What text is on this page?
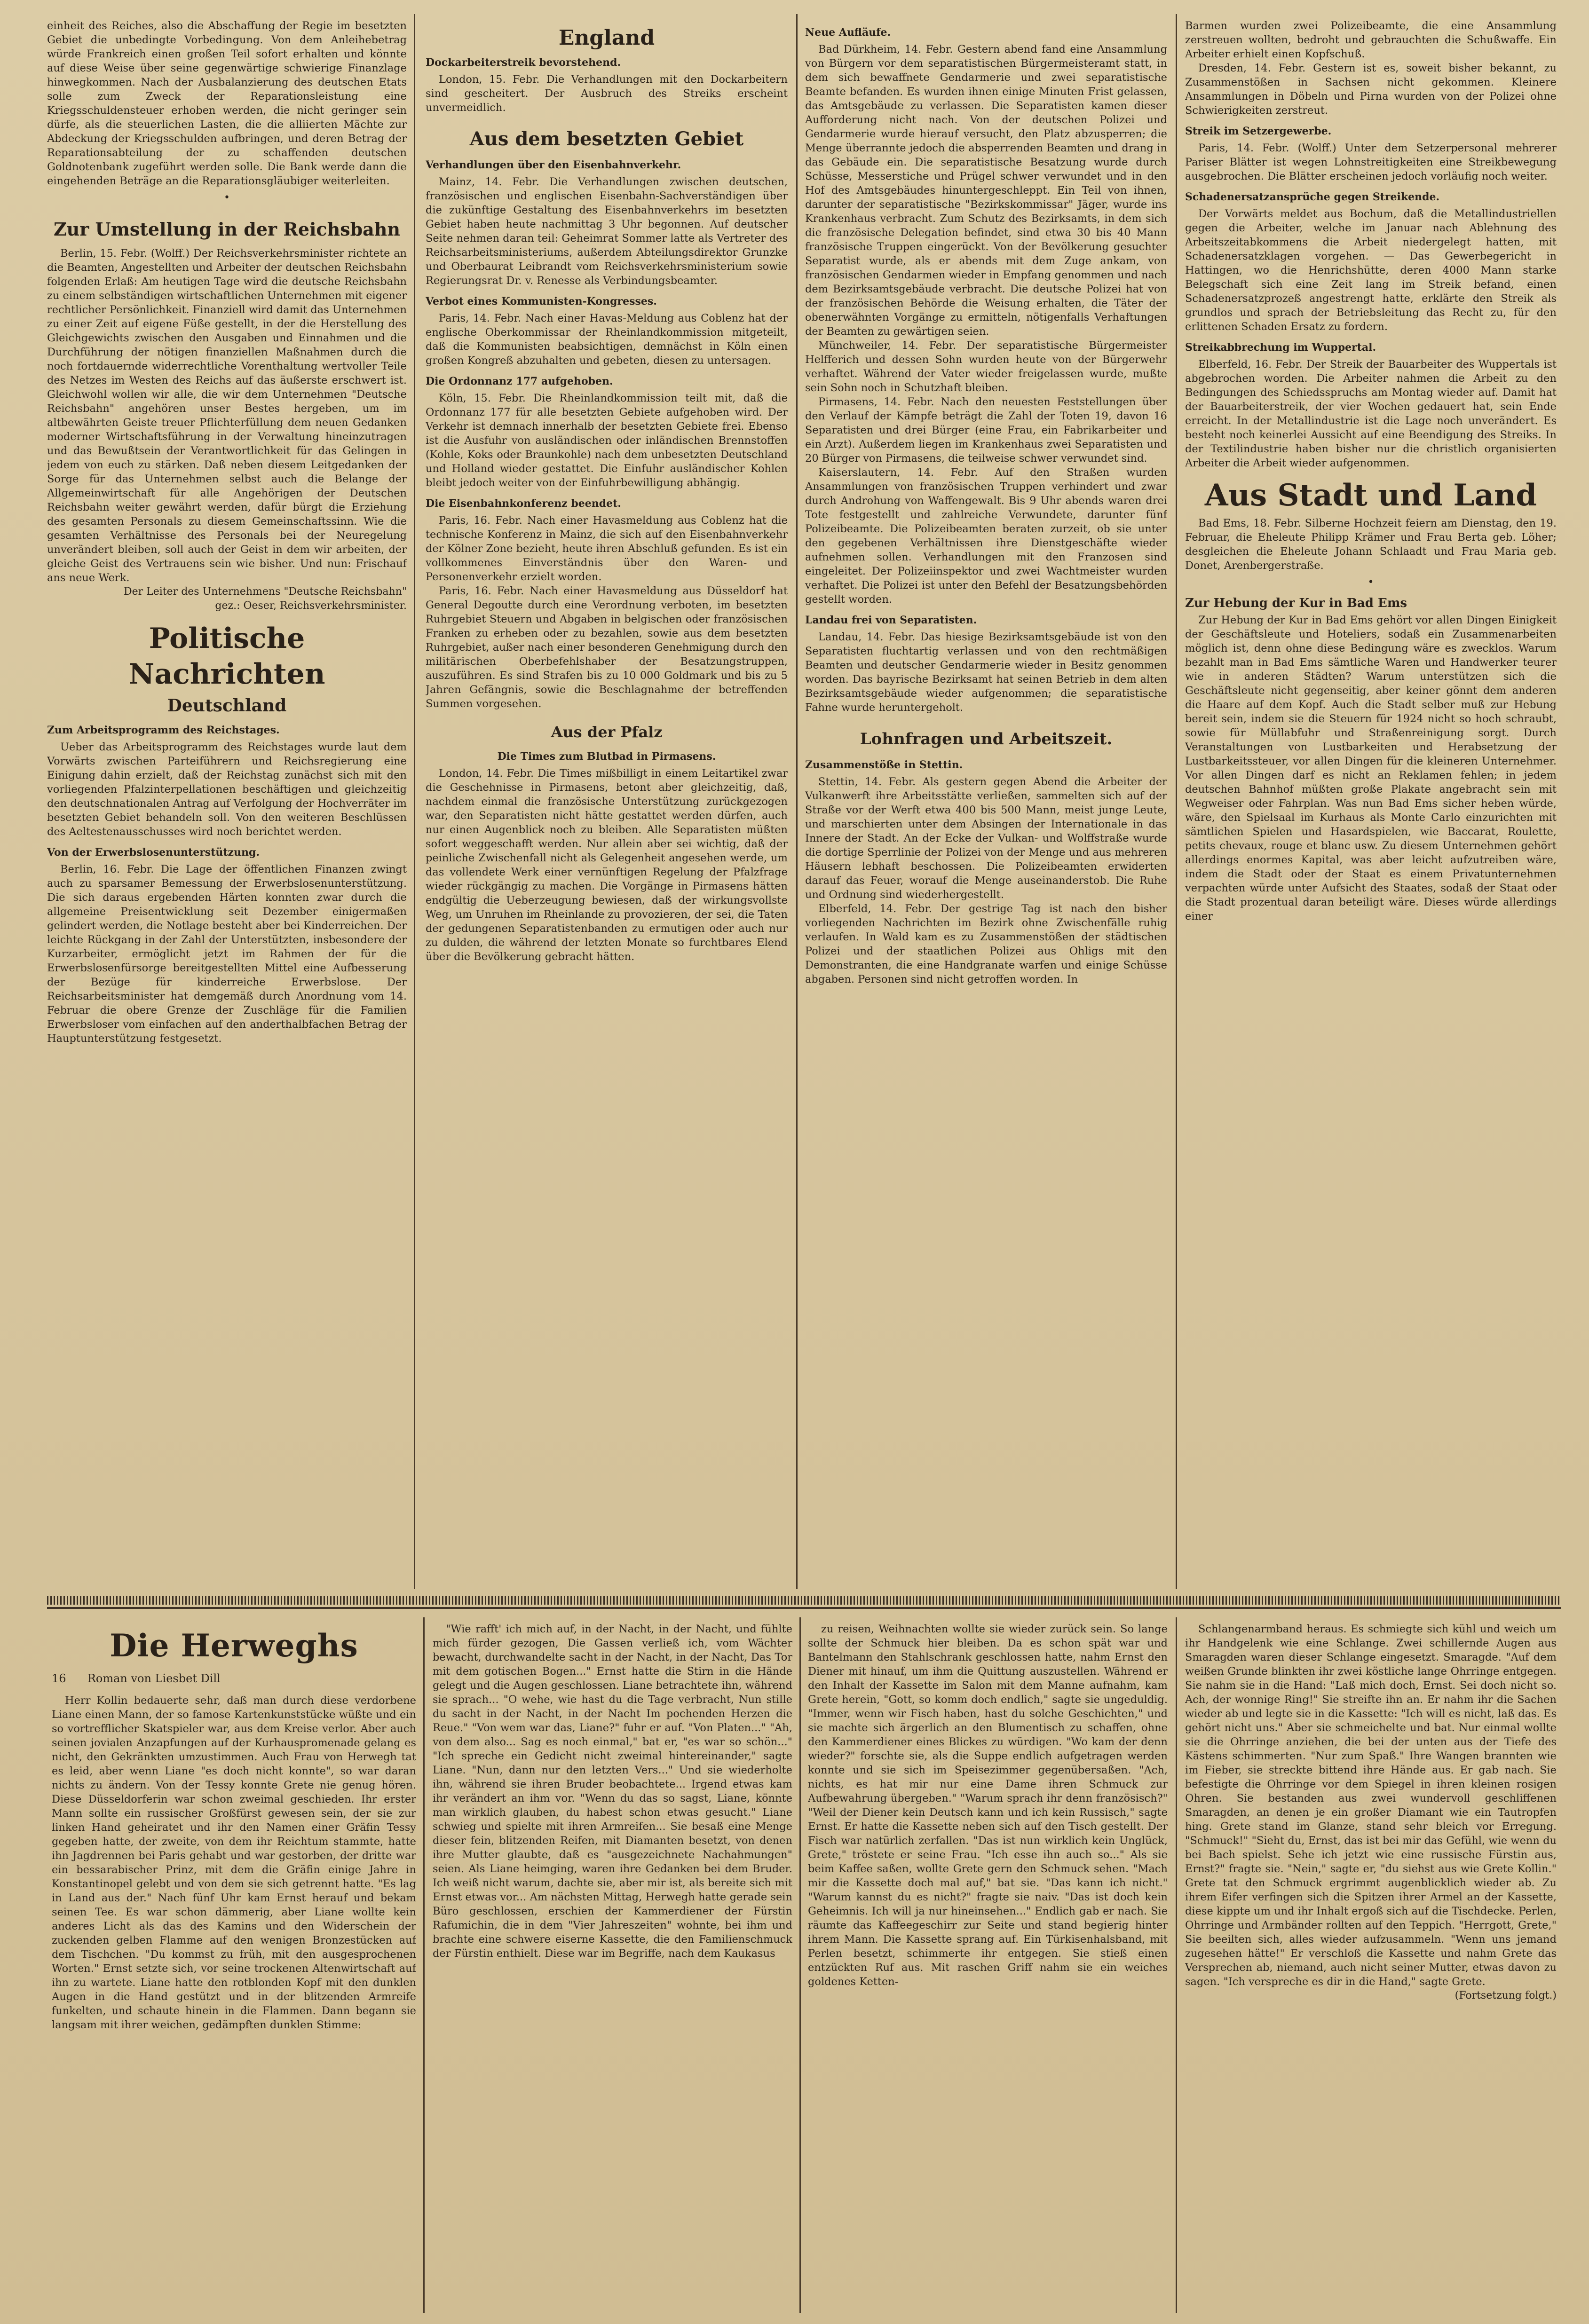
einheit des Reiches, also die Abschaffung der Regie im besetzten Gebiet die unbedingte Vorbedingung. Von dem Anleihebetrag würde Frankreich einen großen Teil sofort erhalten und könnte auf diese Weise über seine gegenwärtige schwierige Finanzlage hinwegkommen. Nach der Ausbalanzierung des deutschen Etats solle zum Zweck der Reparationsleistung eine Kriegsschuldensteuer erhoben werden, die nicht geringer sein dürfe, als die steuerlichen Lasten, die die alliierten Mächte zur Abdeckung der Kriegsschulden aufbringen, und deren Betrag der Reparationsabteilung der zu schaffenden deutschen Goldnotenbank zugeführt werden solle. Die Bank werde dann die eingehenden Beträge an die Reparationsgläubiger weiterleiten.

•
Zur Umstellung in der Reichsbahn

Berlin, 15. Febr. (Wolff.) Der Reichsverkehrsminister richtete an die Beamten, Angestellten und Arbeiter der deutschen Reichsbahn folgenden Erlaß: Am heutigen Tage wird die deutsche Reichsbahn zu einem selbständigen wirtschaftlichen Unternehmen mit eigener rechtlicher Persönlichkeit. Finanziell wird damit das Unternehmen zu einer Zeit auf eigene Füße gestellt, in der die Herstellung des Gleichgewichts zwischen den Ausgaben und Einnahmen und die Durchführung der nötigen finanziellen Maßnahmen durch die noch fortdauernde widerrechtliche Vorenthaltung wertvoller Teile des Netzes im Westen des Reichs auf das äußerste erschwert ist. Gleichwohl wollen wir alle, die wir dem Unternehmen "Deutsche Reichsbahn" angehören unser Bestes hergeben, um im altbewährten Geiste treuer Pflichterfüllung dem neuen Gedanken moderner Wirtschaftsführung in der Verwaltung hineinzutragen und das Bewußtsein der Verantwortlichkeit für das Gelingen in jedem von euch zu stärken. Daß neben diesem Leitgedanken der Sorge für das Unternehmen selbst auch die Belange der Allgemeinwirtschaft für alle Angehörigen der Deutschen Reichsbahn weiter gewährt werden, dafür bürgt die Erziehung des gesamten Personals zu diesem Gemeinschaftssinn. Wie die gesamten Verhältnisse des Personals bei der Neuregelung unverändert bleiben, soll auch der Geist in dem wir arbeiten, der gleiche Geist des Vertrauens sein wie bisher. Und nun: Frischauf ans neue Werk.

Der Leiter des Unternehmens "Deutsche Reichsbahn"
gez.: Oeser, Reichsverkehrsminister.
Politische Nachrichten
Deutschland
Zum Arbeitsprogramm des Reichstages.

Ueber das Arbeitsprogramm des Reichstages wurde laut dem Vorwärts zwischen Parteiführern und Reichsregierung eine Einigung dahin erzielt, daß der Reichstag zunächst sich mit den vorliegenden Pfalzinterpellationen beschäftigen und gleichzeitig den deutschnationalen Antrag auf Verfolgung der Hochverräter im besetzten Gebiet behandeln soll. Von den weiteren Beschlüssen des Aeltestenausschusses wird noch berichtet werden.

Von der Erwerbslosenunterstützung.

Berlin, 16. Febr. Die Lage der öffentlichen Finanzen zwingt auch zu sparsamer Bemessung der Erwerbslosenunterstützung. Die sich daraus ergebenden Härten konnten zwar durch die allgemeine Preisentwicklung seit Dezember einigermaßen gelindert werden, die Notlage besteht aber bei Kinderreichen. Der leichte Rückgang in der Zahl der Unterstützten, insbesondere der Kurzarbeiter, ermöglicht jetzt im Rahmen der für die Erwerbslosenfürsorge bereitgestellten Mittel eine Aufbesserung der Bezüge für kinderreiche Erwerbslose. Der Reichsarbeitsminister hat demgemäß durch Anordnung vom 14. Februar die obere Grenze der Zuschläge für die Familien Erwerbsloser vom einfachen auf den anderthalbfachen Betrag der Hauptunterstützung festgesetzt.

England
Dockarbeiterstreik bevorstehend.

London, 15. Febr. Die Verhandlungen mit den Dockarbeitern sind gescheitert. Der Ausbruch des Streiks erscheint unvermeidlich.

Aus dem besetzten Gebiet
Verhandlungen über den Eisenbahnverkehr.

Mainz, 14. Febr. Die Verhandlungen zwischen deutschen, französischen und englischen Eisenbahn-Sachverständigen über die zukünftige Gestaltung des Eisenbahnverkehrs im besetzten Gebiet haben heute nachmittag 3 Uhr begonnen. Auf deutscher Seite nehmen daran teil: Geheimrat Sommer latte als Vertreter des Reichsarbeitsministeriums, außerdem Abteilungsdirektor Grunzke und Oberbaurat Leibrandt vom Reichsverkehrsministerium sowie Regierungsrat Dr. v. Renesse als Verbindungsbeamter.

Verbot eines Kommunisten-Kongresses.

Paris, 14. Febr. Nach einer Havas-Meldung aus Coblenz hat der englische Oberkommissar der Rheinlandkommission mitgeteilt, daß die Kommunisten beabsichtigen, demnächst in Köln einen großen Kongreß abzuhalten und gebeten, diesen zu untersagen.

Die Ordonnanz 177 aufgehoben.

Köln, 15. Febr. Die Rheinlandkommission teilt mit, daß die Ordonnanz 177 für alle besetzten Gebiete aufgehoben wird. Der Verkehr ist demnach innerhalb der besetzten Gebiete frei. Ebenso ist die Ausfuhr von ausländischen oder inländischen Brennstoffen (Kohle, Koks oder Braunkohle) nach dem unbesetzten Deutschland und Holland wieder gestattet. Die Einfuhr ausländischer Kohlen bleibt jedoch weiter von der Einfuhrbewilligung abhängig.

Die Eisenbahnkonferenz beendet.

Paris, 16. Febr. Nach einer Havasmeldung aus Coblenz hat die technische Konferenz in Mainz, die sich auf den Eisenbahnverkehr der Kölner Zone bezieht, heute ihren Abschluß gefunden. Es ist ein vollkommenes Einverständnis über den Waren- und Personenverkehr erzielt worden.

Paris, 16. Febr. Nach einer Havasmeldung aus Düsseldorf hat General Degoutte durch eine Verordnung verboten, im besetzten Ruhrgebiet Steuern und Abgaben in belgischen oder französischen Franken zu erheben oder zu bezahlen, sowie aus dem besetzten Ruhrgebiet, außer nach einer besonderen Genehmigung durch den militärischen Oberbefehlshaber der Besatzungstruppen, auszuführen. Es sind Strafen bis zu 10 000 Goldmark und bis zu 5 Jahren Gefängnis, sowie die Beschlagnahme der betreffenden Summen vorgesehen.

Aus der Pfalz
Die Times zum Blutbad in Pirmasens.

London, 14. Febr. Die Times mißbilligt in einem Leitartikel zwar die Geschehnisse in Pirmasens, betont aber gleichzeitig, daß, nachdem einmal die französische Unterstützung zurückgezogen war, den Separatisten nicht hätte gestattet werden dürfen, auch nur einen Augenblick noch zu bleiben. Alle Separatisten müßten sofort weggeschafft werden. Nur allein aber sei wichtig, daß der peinliche Zwischenfall nicht als Gelegenheit angesehen werde, um das vollendete Werk einer vernünftigen Regelung der Pfalzfrage wieder rückgängig zu machen. Die Vorgänge in Pirmasens hätten endgültig die Ueberzeugung bewiesen, daß der wirkungsvollste Weg, um Unruhen im Rheinlande zu provozieren, der sei, die Taten der gedungenen Separatistenbanden zu ermutigen oder auch nur zu dulden, die während der letzten Monate so furchtbares Elend über die Bevölkerung gebracht hätten.

Neue Aufläufe.

Bad Dürkheim, 14. Febr. Gestern abend fand eine Ansammlung von Bürgern vor dem separatistischen Bürgermeisteramt statt, in dem sich bewaffnete Gendarmerie und zwei separatistische Beamte befanden. Es wurden ihnen einige Minuten Frist gelassen, das Amtsgebäude zu verlassen. Die Separatisten kamen dieser Aufforderung nicht nach. Von der deutschen Polizei und Gendarmerie wurde hierauf versucht, den Platz abzusperren; die Menge überrannte jedoch die absperrenden Beamten und drang in das Gebäude ein. Die separatistische Besatzung wurde durch Schüsse, Messerstiche und Prügel schwer verwundet und in den Hof des Amtsgebäudes hinuntergeschleppt. Ein Teil von ihnen, darunter der separatistische "Bezirkskommissar" Jäger, wurde ins Krankenhaus verbracht. Zum Schutz des Bezirksamts, in dem sich die französische Delegation befindet, sind etwa 30 bis 40 Mann französische Truppen eingerückt. Von der Bevölkerung gesuchter Separatist wurde, als er abends mit dem Zuge ankam, von französischen Gendarmen wieder in Empfang genommen und nach dem Bezirksamtsgebäude verbracht. Die deutsche Polizei hat von der französischen Behörde die Weisung erhalten, die Täter der obenerwähnten Vorgänge zu ermitteln, nötigenfalls Verhaftungen der Beamten zu gewärtigen seien.

Münchweiler, 14. Febr. Der separatistische Bürgermeister Helfferich und dessen Sohn wurden heute von der Bürgerwehr verhaftet. Während der Vater wieder freigelassen wurde, mußte sein Sohn noch in Schutzhaft bleiben.

Pirmasens, 14. Febr. Nach den neuesten Feststellungen über den Verlauf der Kämpfe beträgt die Zahl der Toten 19, davon 16 Separatisten und drei Bürger (eine Frau, ein Fabrikarbeiter und ein Arzt). Außerdem liegen im Krankenhaus zwei Separatisten und 20 Bürger von Pirmasens, die teilweise schwer verwundet sind.

Kaiserslautern, 14. Febr. Auf den Straßen wurden Ansammlungen von französischen Truppen verhindert und zwar durch Androhung von Waffengewalt. Bis 9 Uhr abends waren drei Tote festgestellt und zahlreiche Verwundete, darunter fünf Polizeibeamte. Die Polizeibeamten beraten zurzeit, ob sie unter den gegebenen Verhältnissen ihre Dienstgeschäfte wieder aufnehmen sollen. Verhandlungen mit den Franzosen sind eingeleitet. Der Polizeiinspektor und zwei Wachtmeister wurden verhaftet. Die Polizei ist unter den Befehl der Besatzungsbehörden gestellt worden.

Landau frei von Separatisten.

Landau, 14. Febr. Das hiesige Bezirksamtsgebäude ist von den Separatisten fluchtartig verlassen und von den rechtmäßigen Beamten und deutscher Gendarmerie wieder in Besitz genommen worden. Das bayrische Bezirksamt hat seinen Betrieb in dem alten Bezirksamtsgebäude wieder aufgenommen; die separatistische Fahne wurde heruntergeholt.

Lohnfragen und Arbeitszeit.
Zusammenstöße in Stettin.

Stettin, 14. Febr. Als gestern gegen Abend die Arbeiter der Vulkanwerft ihre Arbeitsstätte verließen, sammelten sich auf der Straße vor der Werft etwa 400 bis 500 Mann, meist junge Leute, und marschierten unter dem Absingen der Internationale in das Innere der Stadt. An der Ecke der Vulkan- und Wolffstraße wurde die dortige Sperrlinie der Polizei von der Menge und aus mehreren Häusern lebhaft beschossen. Die Polizeibeamten erwiderten darauf das Feuer, worauf die Menge auseinanderstob. Die Ruhe und Ordnung sind wiederhergestellt.

Elberfeld, 14. Febr. Der gestrige Tag ist nach den bisher vorliegenden Nachrichten im Bezirk ohne Zwischenfälle ruhig verlaufen. In Wald kam es zu Zusammenstößen der städtischen Polizei und der staatlichen Polizei aus Ohligs mit den Demonstranten, die eine Handgranate warfen und einige Schüsse abgaben. Personen sind nicht getroffen worden. In

Barmen wurden zwei Polizeibeamte, die eine Ansammlung zerstreuen wollten, bedroht und gebrauchten die Schußwaffe. Ein Arbeiter erhielt einen Kopfschuß.

Dresden, 14. Febr. Gestern ist es, soweit bisher bekannt, zu Zusammenstößen in Sachsen nicht gekommen. Kleinere Ansammlungen in Döbeln und Pirna wurden von der Polizei ohne Schwierigkeiten zerstreut.

Streik im Setzergewerbe.

Paris, 14. Febr. (Wolff.) Unter dem Setzerpersonal mehrerer Pariser Blätter ist wegen Lohnstreitigkeiten eine Streikbewegung ausgebrochen. Die Blätter erscheinen jedoch vorläufig noch weiter.

Schadenersatzansprüche gegen Streikende.

Der Vorwärts meldet aus Bochum, daß die Metallindustriellen gegen die Arbeiter, welche im Januar nach Ablehnung des Arbeitszeitabkommens die Arbeit niedergelegt hatten, mit Schadenersatzklagen vorgehen. — Das Gewerbegericht in Hattingen, wo die Henrichshütte, deren 4000 Mann starke Belegschaft sich eine Zeit lang im Streik befand, einen Schadenersatzprozeß angestrengt hatte, erklärte den Streik als grundlos und sprach der Betriebsleitung das Recht zu, für den erlittenen Schaden Ersatz zu fordern.

Streikabbrechung im Wuppertal.

Elberfeld, 16. Febr. Der Streik der Bauarbeiter des Wuppertals ist abgebrochen worden. Die Arbeiter nahmen die Arbeit zu den Bedingungen des Schiedsspruchs am Montag wieder auf. Damit hat der Bauarbeiterstreik, der vier Wochen gedauert hat, sein Ende erreicht. In der Metallindustrie ist die Lage noch unverändert. Es besteht noch keinerlei Aussicht auf eine Beendigung des Streiks. In der Textilindustrie haben bisher nur die christlich organisierten Arbeiter die Arbeit wieder aufgenommen.

Aus Stadt und Land

Bad Ems, 18. Febr. Silberne Hochzeit feiern am Dienstag, den 19. Februar, die Eheleute Philipp Krämer und Frau Berta geb. Löher; desgleichen die Eheleute Johann Schlaadt und Frau Maria geb. Donet, Arenbergerstraße.

•
Zur Hebung der Kur in Bad Ems

Zur Hebung der Kur in Bad Ems gehört vor allen Dingen Einigkeit der Geschäftsleute und Hoteliers, sodaß ein Zusammenarbeiten möglich ist, denn ohne diese Bedingung wäre es zwecklos. Warum bezahlt man in Bad Ems sämtliche Waren und Handwerker teurer wie in anderen Städten? Warum unterstützen sich die Geschäftsleute nicht gegenseitig, aber keiner gönnt dem anderen die Haare auf dem Kopf. Auch die Stadt selber muß zur Hebung bereit sein, indem sie die Steuern für 1924 nicht so hoch schraubt, sowie für Müllabfuhr und Straßenreinigung sorgt. Durch Veranstaltungen von Lustbarkeiten und Herabsetzung der Lustbarkeitssteuer, vor allen Dingen für die kleineren Unternehmer. Vor allen Dingen darf es nicht an Reklamen fehlen; in jedem deutschen Bahnhof müßten große Plakate angebracht sein mit Wegweiser oder Fahrplan. Was nun Bad Ems sicher heben würde, wäre, den Spielsaal im Kurhaus als Monte Carlo einzurichten mit sämtlichen Spielen und Hasardspielen, wie Baccarat, Roulette, petits chevaux, rouge et blanc usw. Zu diesem Unternehmen gehört allerdings enormes Kapital, was aber leicht aufzutreiben wäre, indem die Stadt oder der Staat es einem Privatunternehmen verpachten würde unter Aufsicht des Staates, sodaß der Staat oder die Stadt prozentual daran beteiligt wäre. Dieses würde allerdings einer

Die Herweghs
16 Roman von Liesbet Dill

Herr Kollin bedauerte sehr, daß man durch diese verdorbene Liane einen Mann, der so famose Kartenkunststücke wüßte und ein so vortrefflicher Skatspieler war, aus dem Kreise verlor. Aber auch seinen jovialen Anzapfungen auf der Kurhauspromenade gelang es nicht, den Gekränkten umzustimmen. Auch Frau von Herwegh tat es leid, aber wenn Liane "es doch nicht konnte", so war daran nichts zu ändern. Von der Tessy konnte Grete nie genug hören. Diese Düsseldorferin war schon zweimal geschieden. Ihr erster Mann sollte ein russischer Großfürst gewesen sein, der sie zur linken Hand geheiratet und ihr den Namen einer Gräfin Tessy gegeben hatte, der zweite, von dem ihr Reichtum stammte, hatte ihn Jagdrennen bei Paris gehabt und war gestorben, der dritte war ein bessarabischer Prinz, mit dem die Gräfin einige Jahre in Konstantinopel gelebt und von dem sie sich getrennt hatte. "Es lag in Land aus der." Nach fünf Uhr kam Ernst herauf und bekam seinen Tee. Es war schon dämmerig, aber Liane wollte kein anderes Licht als das des Kamins und den Widerschein der zuckenden gelben Flamme auf den wenigen Bronzestücken auf dem Tischchen. "Du kommst zu früh, mit den ausgesprochenen Worten." Ernst setzte sich, vor seine trockenen Altenwirtschaft auf ihn zu wartete. Liane hatte den rotblonden Kopf mit den dunklen Augen in die Hand gestützt und in der blitzenden Armreife funkelten, und schaute hinein in die Flammen. Dann begann sie langsam mit ihrer weichen, gedämpften dunklen Stimme:

"Wie rafft' ich mich auf, in der Nacht, in der Nacht, und fühlte mich fürder gezogen, Die Gassen verließ ich, vom Wächter bewacht, durchwandelte sacht in der Nacht, in der Nacht, Das Tor mit dem gotischen Bogen..." Ernst hatte die Stirn in die Hände gelegt und die Augen geschlossen. Liane betrachtete ihn, während sie sprach... "O wehe, wie hast du die Tage verbracht, Nun stille du sacht in der Nacht, in der Nacht Im pochenden Herzen die Reue." "Von wem war das, Liane?" fuhr er auf. "Von Platen..." "Ah, von dem also... Sag es noch einmal," bat er, "es war so schön..." "Ich spreche ein Gedicht nicht zweimal hintereinander," sagte Liane. "Nun, dann nur den letzten Vers..." Und sie wiederholte ihn, während sie ihren Bruder beobachtete... Irgend etwas kam ihr verändert an ihm vor. "Wenn du das so sagst, Liane, könnte man wirklich glauben, du habest schon etwas gesucht." Liane schwieg und spielte mit ihren Armreifen... Sie besaß eine Menge dieser fein, blitzenden Reifen, mit Diamanten besetzt, von denen ihre Mutter glaubte, daß es "ausgezeichnete Nachahmungen" seien. Als Liane heimging, waren ihre Gedanken bei dem Bruder. Ich weiß nicht warum, dachte sie, aber mir ist, als bereite sich mit Ernst etwas vor... Am nächsten Mittag, Herwegh hatte gerade sein Büro geschlossen, erschien der Kammerdiener der Fürstin Rafumichin, die in dem "Vier Jahreszeiten" wohnte, bei ihm und brachte eine schwere eiserne Kassette, die den Familienschmuck der Fürstin enthielt. Diese war im Begriffe, nach dem Kaukasus

zu reisen, Weihnachten wollte sie wieder zurück sein. So lange sollte der Schmuck hier bleiben. Da es schon spät war und Bantelmann den Stahlschrank geschlossen hatte, nahm Ernst den Diener mit hinauf, um ihm die Quittung auszustellen. Während er den Inhalt der Kassette im Salon mit dem Manne aufnahm, kam Grete herein, "Gott, so komm doch endlich," sagte sie ungeduldig. "Immer, wenn wir Fisch haben, hast du solche Geschichten," und sie machte sich ärgerlich an den Blumentisch zu schaffen, ohne den Kammerdiener eines Blickes zu würdigen. "Wo kam der denn wieder?" forschte sie, als die Suppe endlich aufgetragen werden konnte und sie sich im Speisezimmer gegenübersaßen. "Ach, nichts, es hat mir nur eine Dame ihren Schmuck zur Aufbewahrung übergeben." "Warum sprach ihr denn französisch?" "Weil der Diener kein Deutsch kann und ich kein Russisch," sagte Ernst. Er hatte die Kassette neben sich auf den Tisch gestellt. Der Fisch war natürlich zerfallen. "Das ist nun wirklich kein Unglück, Grete," tröstete er seine Frau. "Ich esse ihn auch so..." Als sie beim Kaffee saßen, wollte Grete gern den Schmuck sehen. "Mach mir die Kassette doch mal auf," bat sie. "Das kann ich nicht." "Warum kannst du es nicht?" fragte sie naiv. "Das ist doch kein Geheimnis. Ich will ja nur hineinsehen..." Endlich gab er nach. Sie räumte das Kaffeegeschirr zur Seite und stand begierig hinter ihrem Mann. Die Kassette sprang auf. Ein Türkisenhalsband, mit Perlen besetzt, schimmerte ihr entgegen. Sie stieß einen entzückten Ruf aus. Mit raschen Griff nahm sie ein weiches goldenes Ketten-

Schlangenarmband heraus. Es schmiegte sich kühl und weich um ihr Handgelenk wie eine Schlange. Zwei schillernde Augen aus Smaragden waren dieser Schlange eingesetzt. Smaragde. "Auf dem weißen Grunde blinkten ihr zwei köstliche lange Ohrringe entgegen. Sie nahm sie in die Hand: "Laß mich doch, Ernst. Sei doch nicht so. Ach, der wonnige Ring!" Sie streifte ihn an. Er nahm ihr die Sachen wieder ab und legte sie in die Kassette: "Ich will es nicht, laß das. Es gehört nicht uns." Aber sie schmeichelte und bat. Nur einmal wollte sie die Ohrringe anziehen, die bei der unten aus der Tiefe des Kästens schimmerten. "Nur zum Spaß." Ihre Wangen brannten wie im Fieber, sie streckte bittend ihre Hände aus. Er gab nach. Sie befestigte die Ohrringe vor dem Spiegel in ihren kleinen rosigen Ohren. Sie bestanden aus zwei wundervoll geschliffenen Smaragden, an denen je ein großer Diamant wie ein Tautropfen hing. Grete stand im Glanze, stand sehr bleich vor Erregung. "Schmuck!" "Sieht du, Ernst, das ist bei mir das Gefühl, wie wenn du bei Bach spielst. Sehe ich jetzt wie eine russische Fürstin aus, Ernst?" fragte sie. "Nein," sagte er, "du siehst aus wie Grete Kollin." Grete tat den Schmuck ergrimmt augenblicklich wieder ab. Zu ihrem Eifer verfingen sich die Spitzen ihrer Armel an der Kassette, diese kippte um und ihr Inhalt ergoß sich auf die Tischdecke. Perlen, Ohrringe und Armbänder rollten auf den Teppich. "Herrgott, Grete," Sie beeilten sich, alles wieder aufzusammeln. "Wenn uns jemand zugesehen hätte!" Er verschloß die Kassette und nahm Grete das Versprechen ab, niemand, auch nicht seiner Mutter, etwas davon zu sagen. "Ich verspreche es dir in die Hand," sagte Grete.

(Fortsetzung folgt.)
